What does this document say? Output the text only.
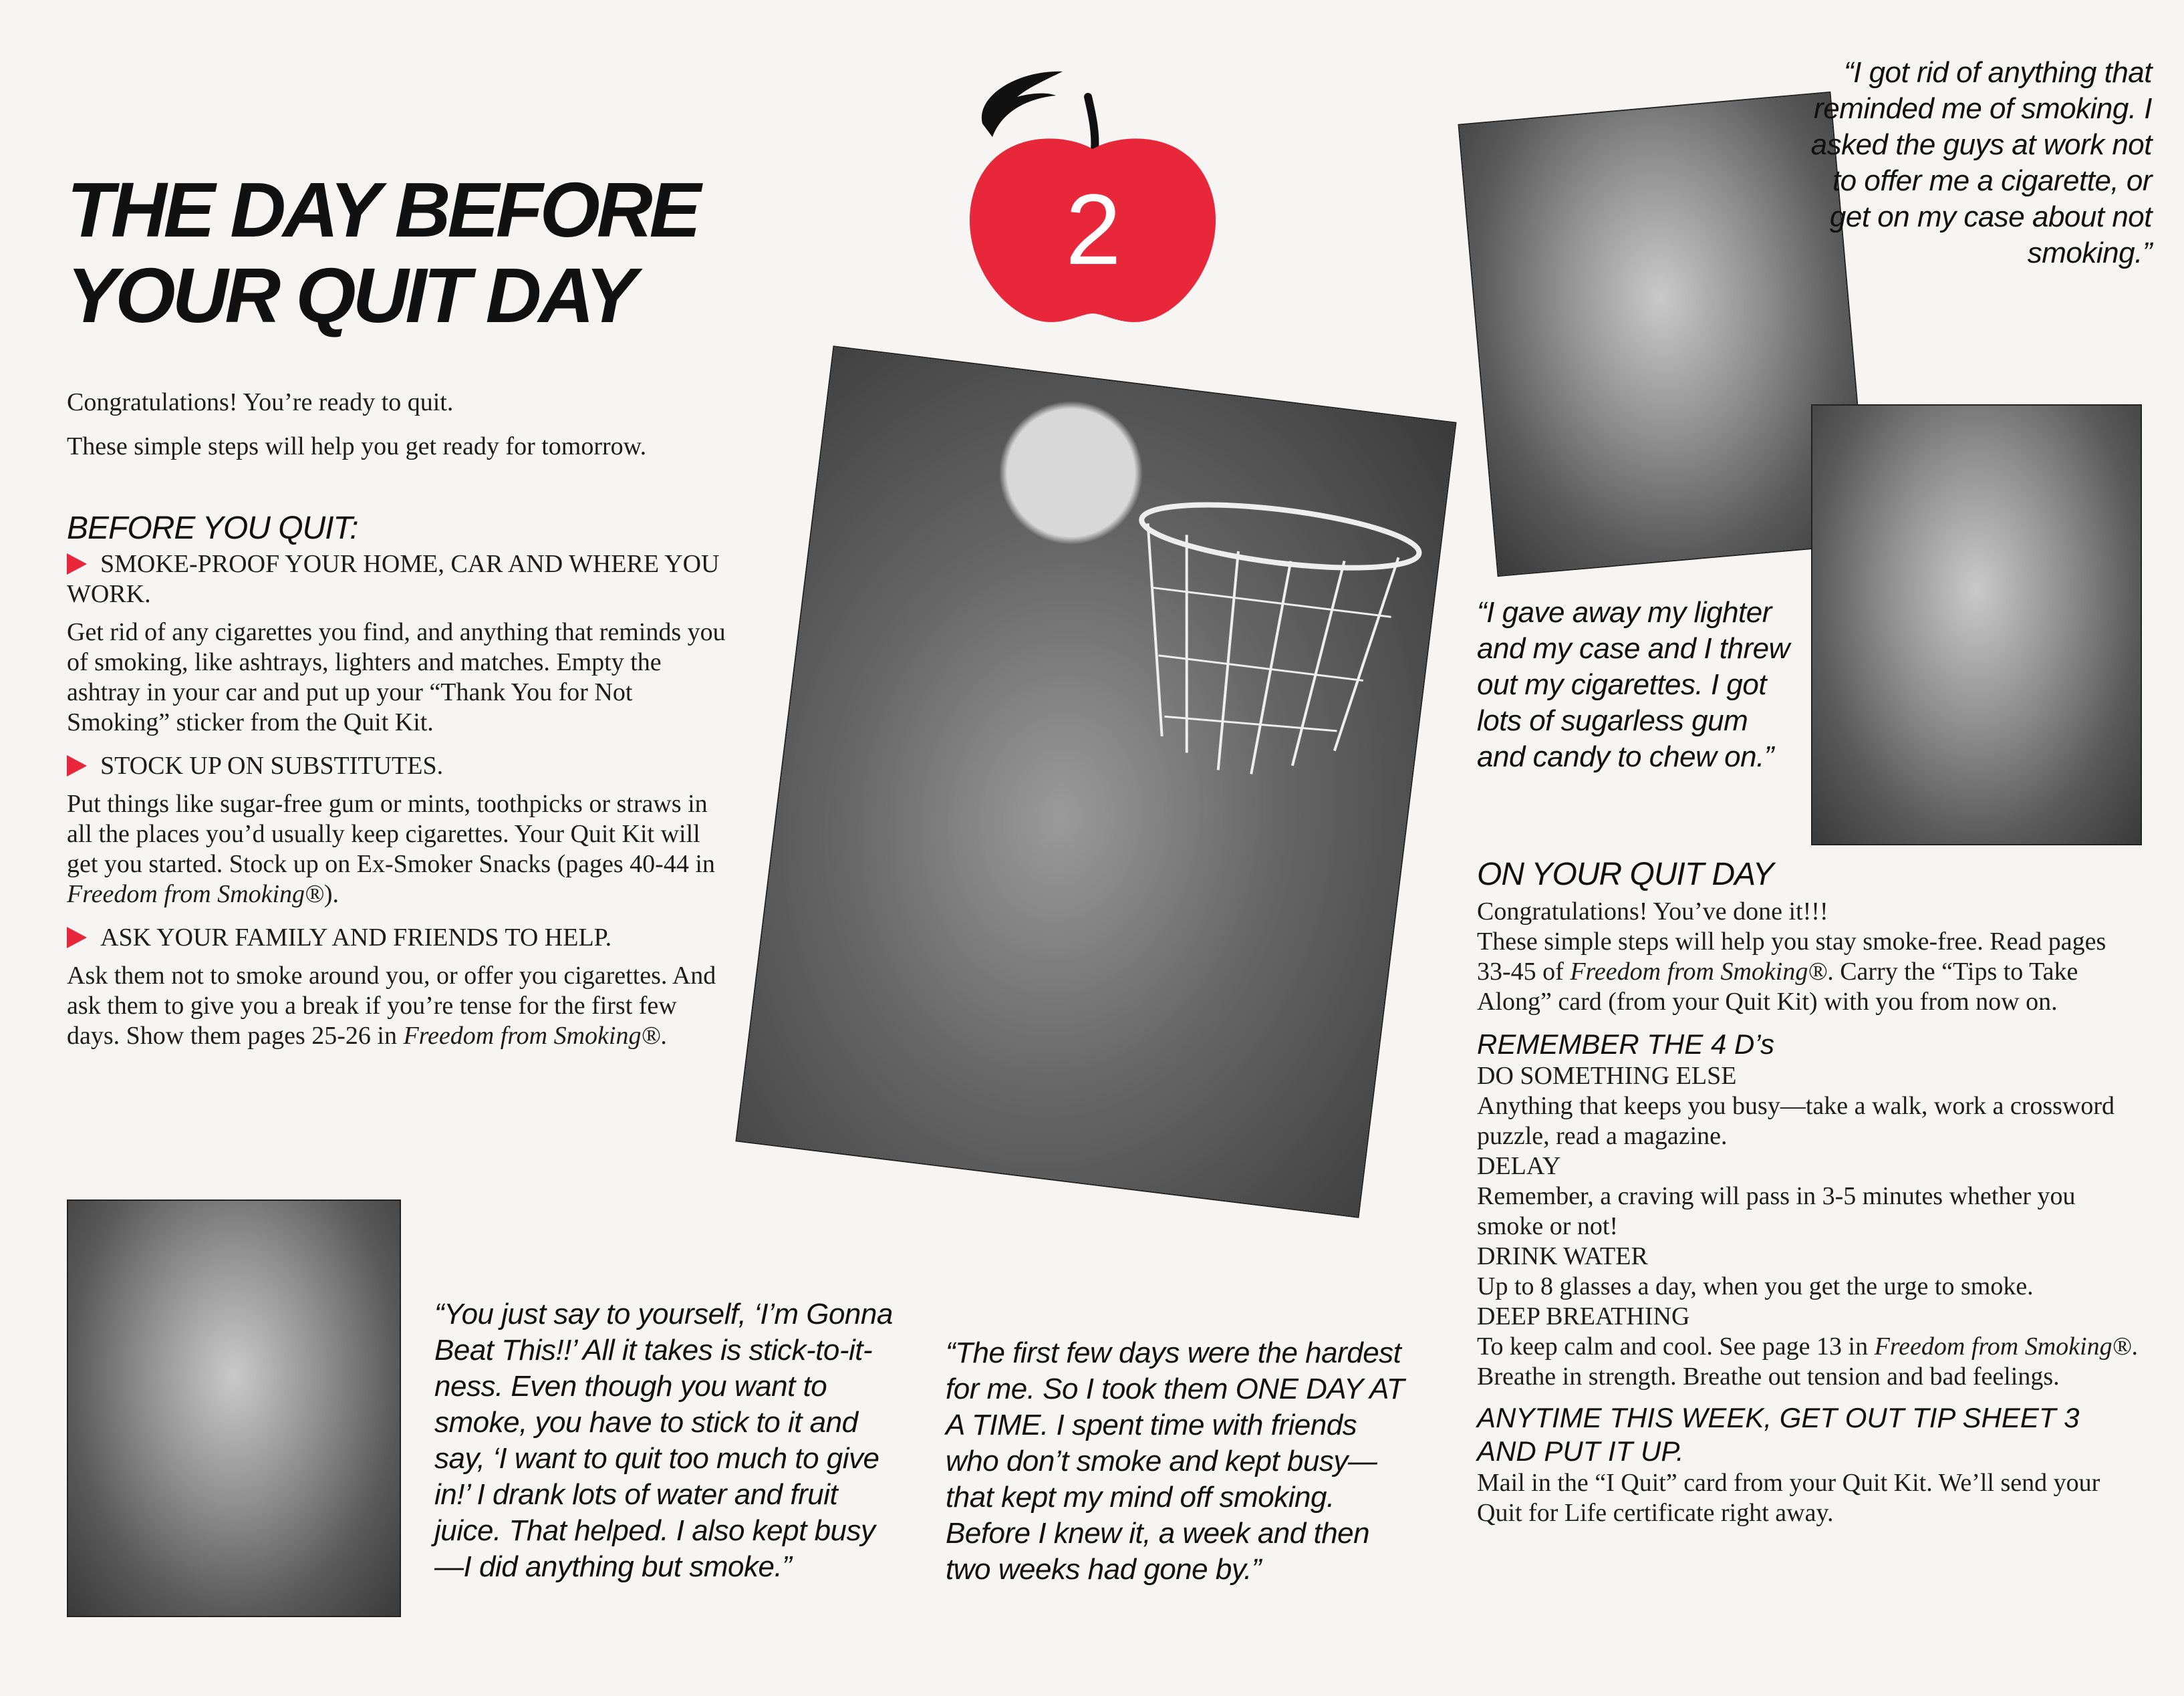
THE DAY BEFORE
YOUR QUIT DAY
2

Congratulations! You’re ready to quit.

These simple steps will help you get ready for tomorrow.

BEFORE YOU QUIT:
SMOKE-PROOF YOUR HOME, CAR AND WHERE YOU WORK.
Get rid of any cigarettes you find, and anything that reminds you of smoking, like ashtrays, lighters and matches. Empty the ashtray in your car and put up your “Thank You for Not Smoking” sticker from the Quit Kit.
STOCK UP ON SUBSTITUTES.
Put things like sugar-free gum or mints, toothpicks or straws in all the places you’d usually keep cigarettes. Your Quit Kit will get you started. Stock up on Ex-Smoker Snacks (pages 40-44 in Freedom from Smoking®).
ASK YOUR FAMILY AND FRIENDS TO HELP.
Ask them not to smoke around you, or offer you cigarettes. And ask them to give you a break if you’re tense for the first few days. Show them pages 25-26 in Freedom from Smoking®.
“I got rid of anything that reminded me of smoking. I asked the guys at work not to offer me a cigarette, or get on my case about not smoking.”
“I gave away my lighter and my case and I threw out my cigarettes. I got lots of sugarless gum and candy to chew on.”
ON YOUR QUIT DAY

Congratulations! You’ve done it!!!

These simple steps will help you stay smoke-free. Read pages 33-45 of Freedom from Smoking®. Carry the “Tips to Take Along” card (from your Quit Kit) with you from now on.

REMEMBER THE 4 D’s

DO SOMETHING ELSE

Anything that keeps you busy—take a walk, work a crossword puzzle, read a magazine.

DELAY

Remember, a craving will pass in 3-5 minutes whether you smoke or not!

DRINK WATER

Up to 8 glasses a day, when you get the urge to smoke.

DEEP BREATHING

To keep calm and cool. See page 13 in Freedom from Smoking®. Breathe in strength. Breathe out tension and bad feelings.

ANYTIME THIS WEEK, GET OUT TIP SHEET 3 AND PUT IT UP.
Mail in the “I Quit” card from your Quit Kit. We’ll send your Quit for Life certificate right away.
“You just say to yourself, ‘I’m Gonna Beat This!!’ All it takes is stick-to-it-ness. Even though you want to smoke, you have to stick to it and say, ‘I want to quit too much to give in!’ I drank lots of water and fruit juice. That helped. I also kept busy—I did anything but smoke.”
“The first few days were the hardest for me. So I took them ONE DAY AT A TIME. I spent time with friends who don’t smoke and kept busy—that kept my mind off smoking. Before I knew it, a week and then two weeks had gone by.”
